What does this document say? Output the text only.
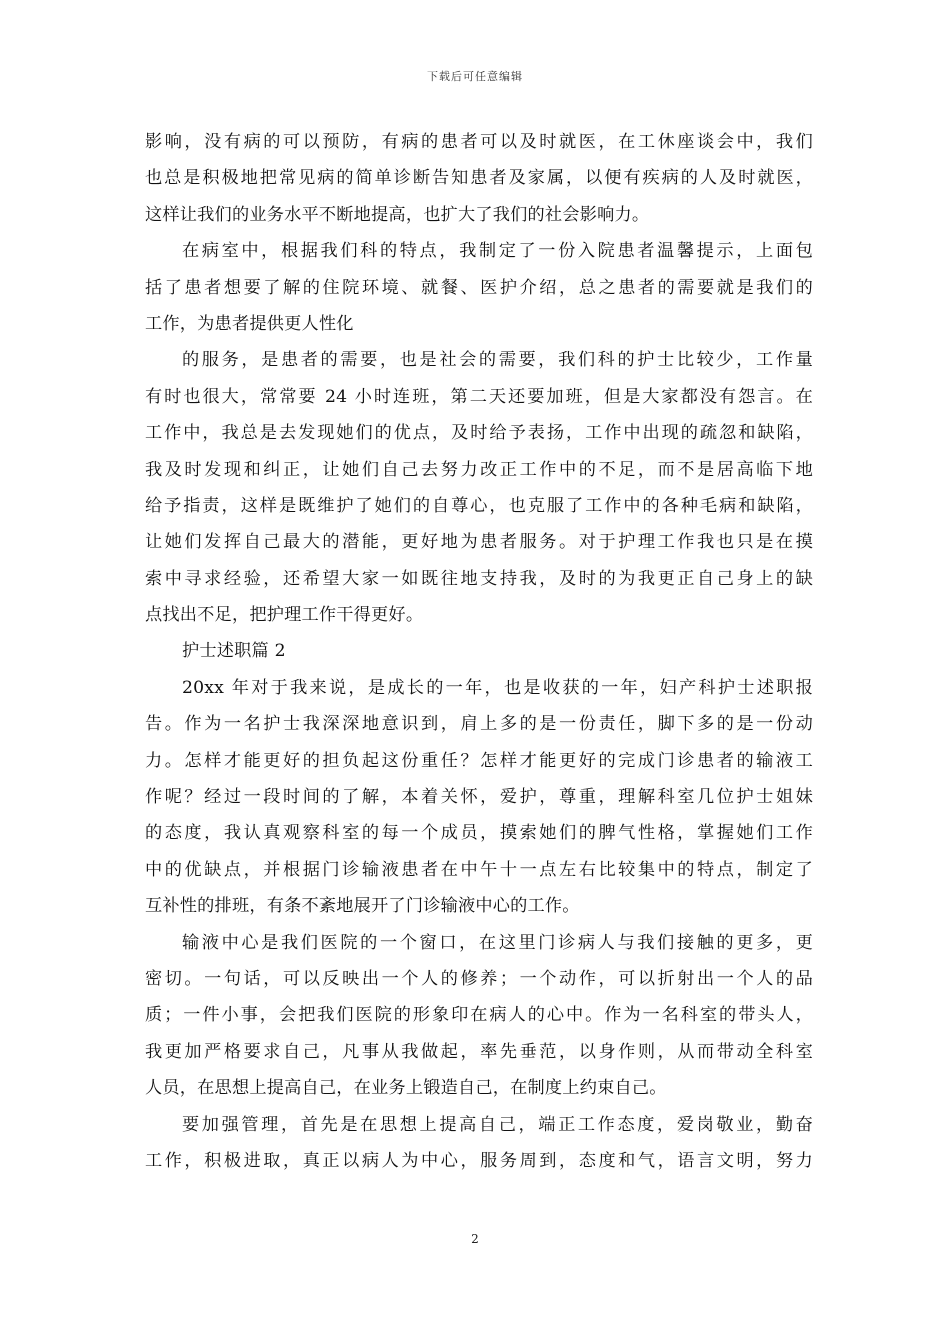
下载后可任意编辑
影响，没有病的可以预防，有病的患者可以及时就医，在工休座谈会中，我们
也总是积极地把常见病的简单诊断告知患者及家属，以便有疾病的人及时就医，
这样让我们的业务水平不断地提高，也扩大了我们的社会影响力。
在病室中，根据我们科的特点，我制定了一份入院患者温馨提示，上面包
括了患者想要了解的住院环境、就餐、医护介绍，总之患者的需要就是我们的
工作，为患者提供更人性化
的服务，是患者的需要，也是社会的需要，我们科的护士比较少，工作量
有时也很大，常常要 24 小时连班，第二天还要加班，但是大家都没有怨言。在
工作中，我总是去发现她们的优点，及时给予表扬，工作中出现的疏忽和缺陷，
我及时发现和纠正，让她们自己去努力改正工作中的不足，而不是居高临下地
给予指责，这样是既维护了她们的自尊心，也克服了工作中的各种毛病和缺陷，
让她们发挥自己最大的潜能，更好地为患者服务。对于护理工作我也只是在摸
索中寻求经验，还希望大家一如既往地支持我，及时的为我更正自己身上的缺
点找出不足，把护理工作干得更好。
护士述职篇 2
20xx 年对于我来说，是成长的一年，也是收获的一年，妇产科护士述职报
告。作为一名护士我深深地意识到，肩上多的是一份责任，脚下多的是一份动
力。怎样才能更好的担负起这份重任？怎样才能更好的完成门诊患者的输液工
作呢？经过一段时间的了解，本着关怀，爱护，尊重，理解科室几位护士姐妹
的态度，我认真观察科室的每一个成员，摸索她们的脾气性格，掌握她们工作
中的优缺点，并根据门诊输液患者在中午十一点左右比较集中的特点，制定了
互补性的排班，有条不紊地展开了门诊输液中心的工作。
输液中心是我们医院的一个窗口，在这里门诊病人与我们接触的更多，更
密切。一句话，可以反映出一个人的修养；一个动作，可以折射出一个人的品
质；一件小事，会把我们医院的形象印在病人的心中。作为一名科室的带头人，
我更加严格要求自己，凡事从我做起，率先垂范，以身作则，从而带动全科室
人员，在思想上提高自己，在业务上锻造自己，在制度上约束自己。
要加强管理，首先是在思想上提高自己，端正工作态度，爱岗敬业，勤奋
工作，积极进取，真正以病人为中心，服务周到，态度和气，语言文明，努力
2
